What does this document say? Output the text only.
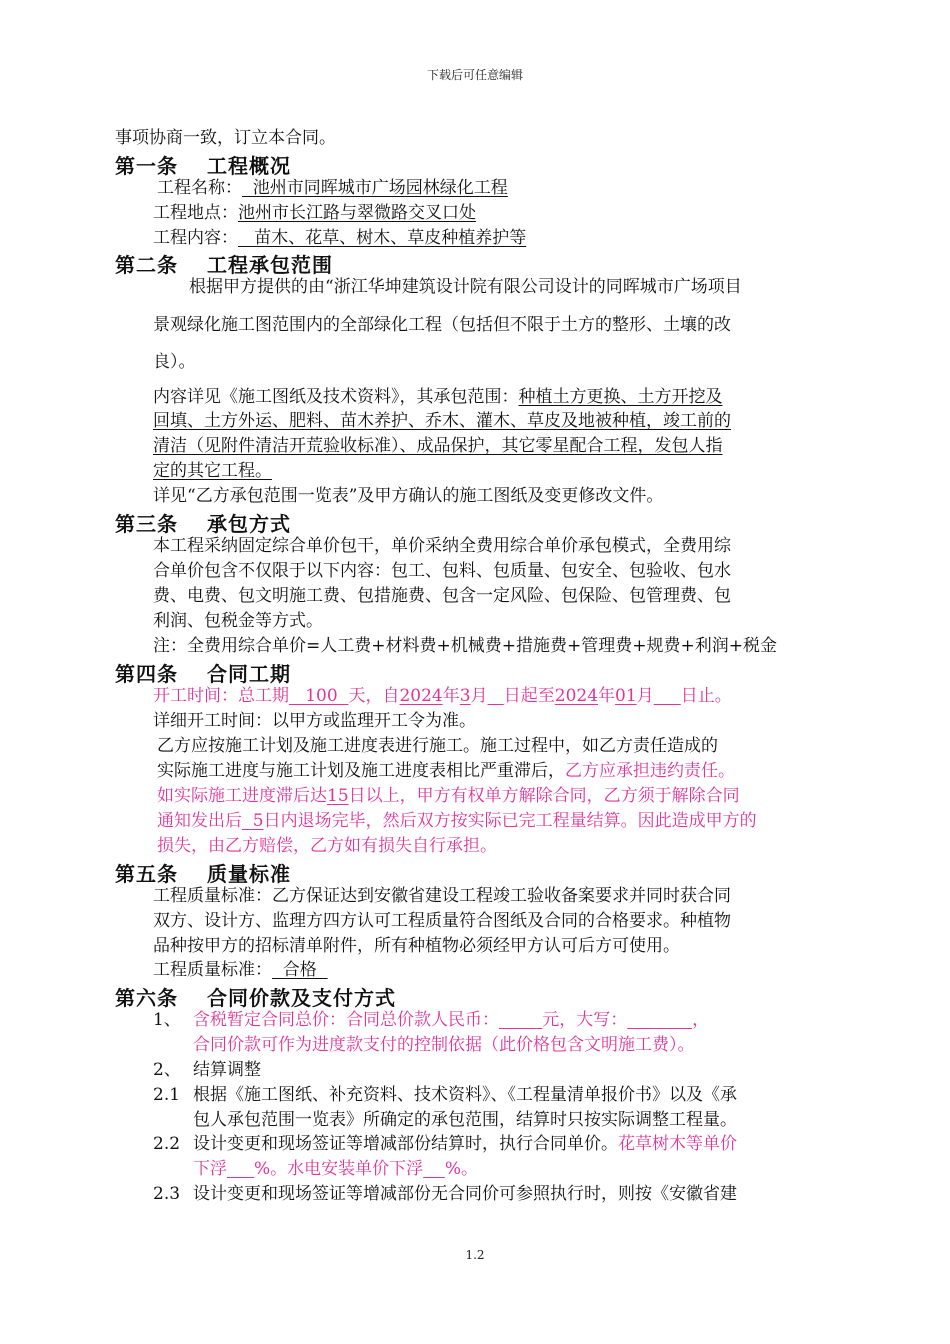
下载后可任意编辑
事项协商一致，订立本合同。
第一条　 工程概况
工程名称：  池州市同晖城市广场园林绿化工程
工程地点：池州市长江路与翠微路交叉口处
工程内容：   苗木、花草、树木、草皮种植养护等
第二条　 工程承包范围
根据甲方提供的由“浙江华坤建筑设计院有限公司设计的同晖城市广场项目
景观绿化施工图范围内的全部绿化工程（包括但不限于土方的整形、土壤的改
良）。
内容详见《施工图纸及技术资料》，其承包范围：种植土方更换、土方开挖及
回填、土方外运、肥料、苗木养护、乔木、灌木、草皮及地被种植，竣工前的
清洁（见附件清洁开荒验收标准）、成品保护，其它零星配合工程，发包人指
定的其它工程。
详见“乙方承包范围一览表”及甲方确认的施工图纸及变更修改文件。
第三条　 承包方式
本工程采纳固定综合单价包干，单价采纳全费用综合单价承包模式，全费用综
合单价包含不仅限于以下内容：包工、包料、包质量、包安全、包验收、包水
费、电费、包文明施工费、包措施费、包含一定风险、包保险、包管理费、包
利润、包税金等方式。
注：全费用综合单价=人工费+材料费+机械费+措施费+管理费+规费+利润+税金
第四条　 合同工期
开工时间：总工期   100  天，自2024年3月 日起至2024年01月 日止。
详细开工时间：以甲方或监理开工令为准。
乙方应按施工计划及施工进度表进行施工。施工过程中，如乙方责任造成的
实际施工进度与施工计划及施工进度表相比严重滞后，乙方应承担违约责任。
如实际施工进度滞后达15日以上，甲方有权单方解除合同，乙方须于解除合同
通知发出后  5日内退场完毕，然后双方按实际已完工程量结算。因此造成甲方的
损失，由乙方赔偿，乙方如有损失自行承担。
第五条　 质量标准
工程质量标准：乙方保证达到安徽省建设工程竣工验收备案要求并同时获合同
双方、设计方、监理方四方认可工程质量符合图纸及合同的合格要求。种植物
品种按甲方的招标清单附件，所有种植物必须经甲方认可后方可使用。
工程质量标准：  合格
第六条　 合同价款及支付方式
1、 含税暂定合同总价：合同总价款人民币：	元，大写：	，
合同价款可作为进度款支付的控制依据（此价格包含文明施工费）。
2、 结算调整
2.1 根据《施工图纸、补充资料、技术资料》、《工程量清单报价书》以及《承
包人承包范围一览表》所确定的承包范围，结算时只按实际调整工程量。
2.2 设计变更和现场签证等增减部份结算时，执行合同单价。花草树木等单价
下浮 %。水电安装单价下浮 %。
2.3 设计变更和现场签证等增减部份无合同价可参照执行时，则按《安徽省建
1.2
